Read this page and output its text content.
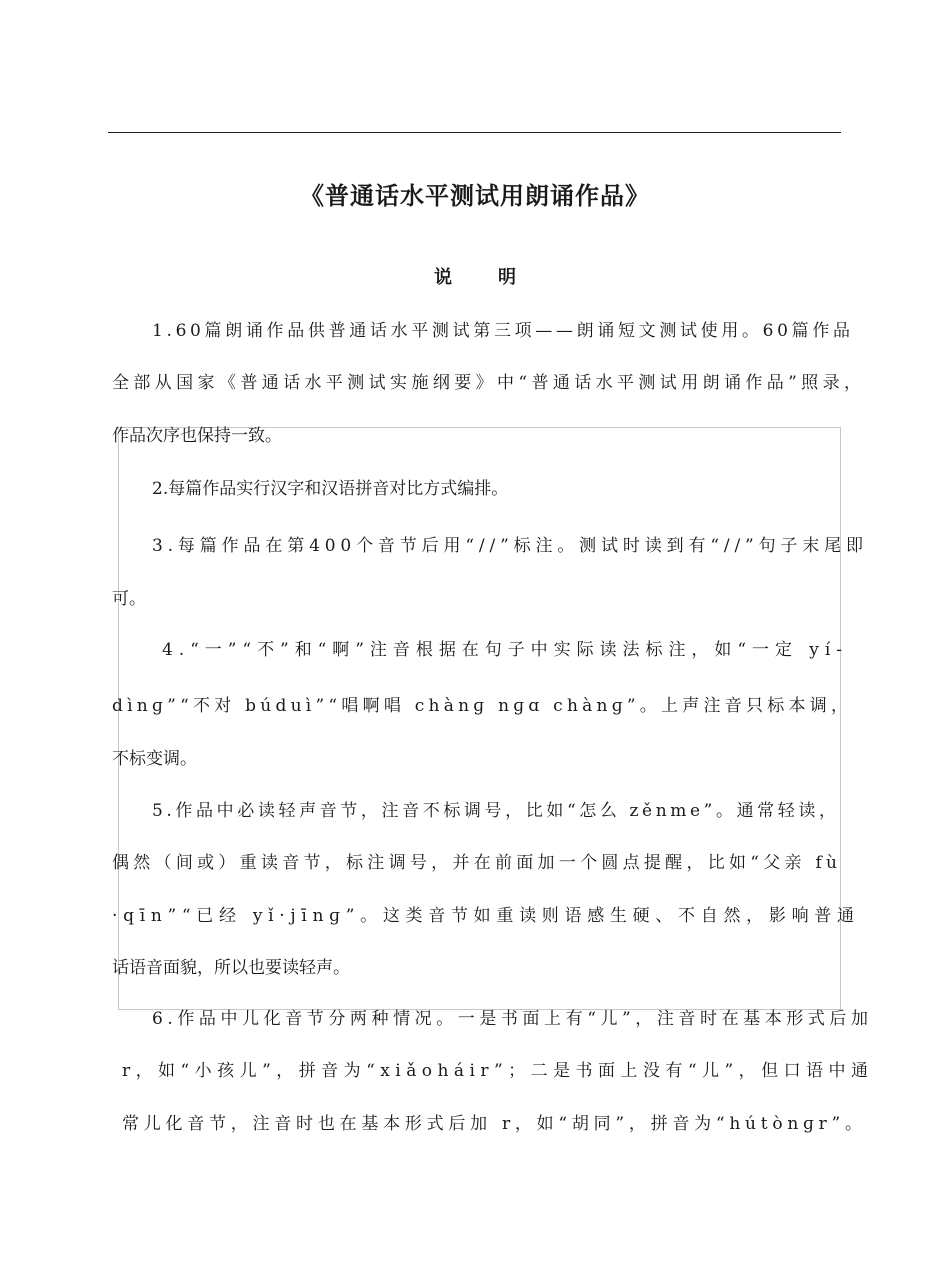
《普通话水平测试用朗诵作品》
说　明
1.60篇朗诵作品供普通话水平测试第三项——朗诵短文测试使用。60篇作品
全部从国家《普通话水平测试实施纲要》中“普通话水平测试用朗诵作品”照录，
作品次序也保持一致。
2.每篇作品实行汉字和汉语拼音对比方式编排。
3.每篇作品在第400个音节后用“//”标注。测试时读到有“//”句子末尾即
可。
4.“一”“不”和“啊”注音根据在句子中实际读法标注，如“一定 yí-
dìnɡ”“不对 búduì”“唱啊唱 chànɡ nɡɑ chànɡ”。上声注音只标本调，
不标变调。
5.作品中必读轻声音节，注音不标调号，比如“怎么 zěnme”。通常轻读，
偶然（间或）重读音节，标注调号，并在前面加一个圆点提醒，比如“父亲 fù
·qīn”“已经 yǐ·jīnɡ”。这类音节如重读则语感生硬、不自然，影响普通
话语音面貌，所以也要读轻声。
6.作品中儿化音节分两种情况。一是书面上有“儿”，注音时在基本形式后加
r，如“小孩儿”，拼音为“xiǎoháir”；二是书面上没有“儿”，但口语中通
常儿化音节，注音时也在基本形式后加 r，如“胡同”，拼音为“hútònɡr”。
